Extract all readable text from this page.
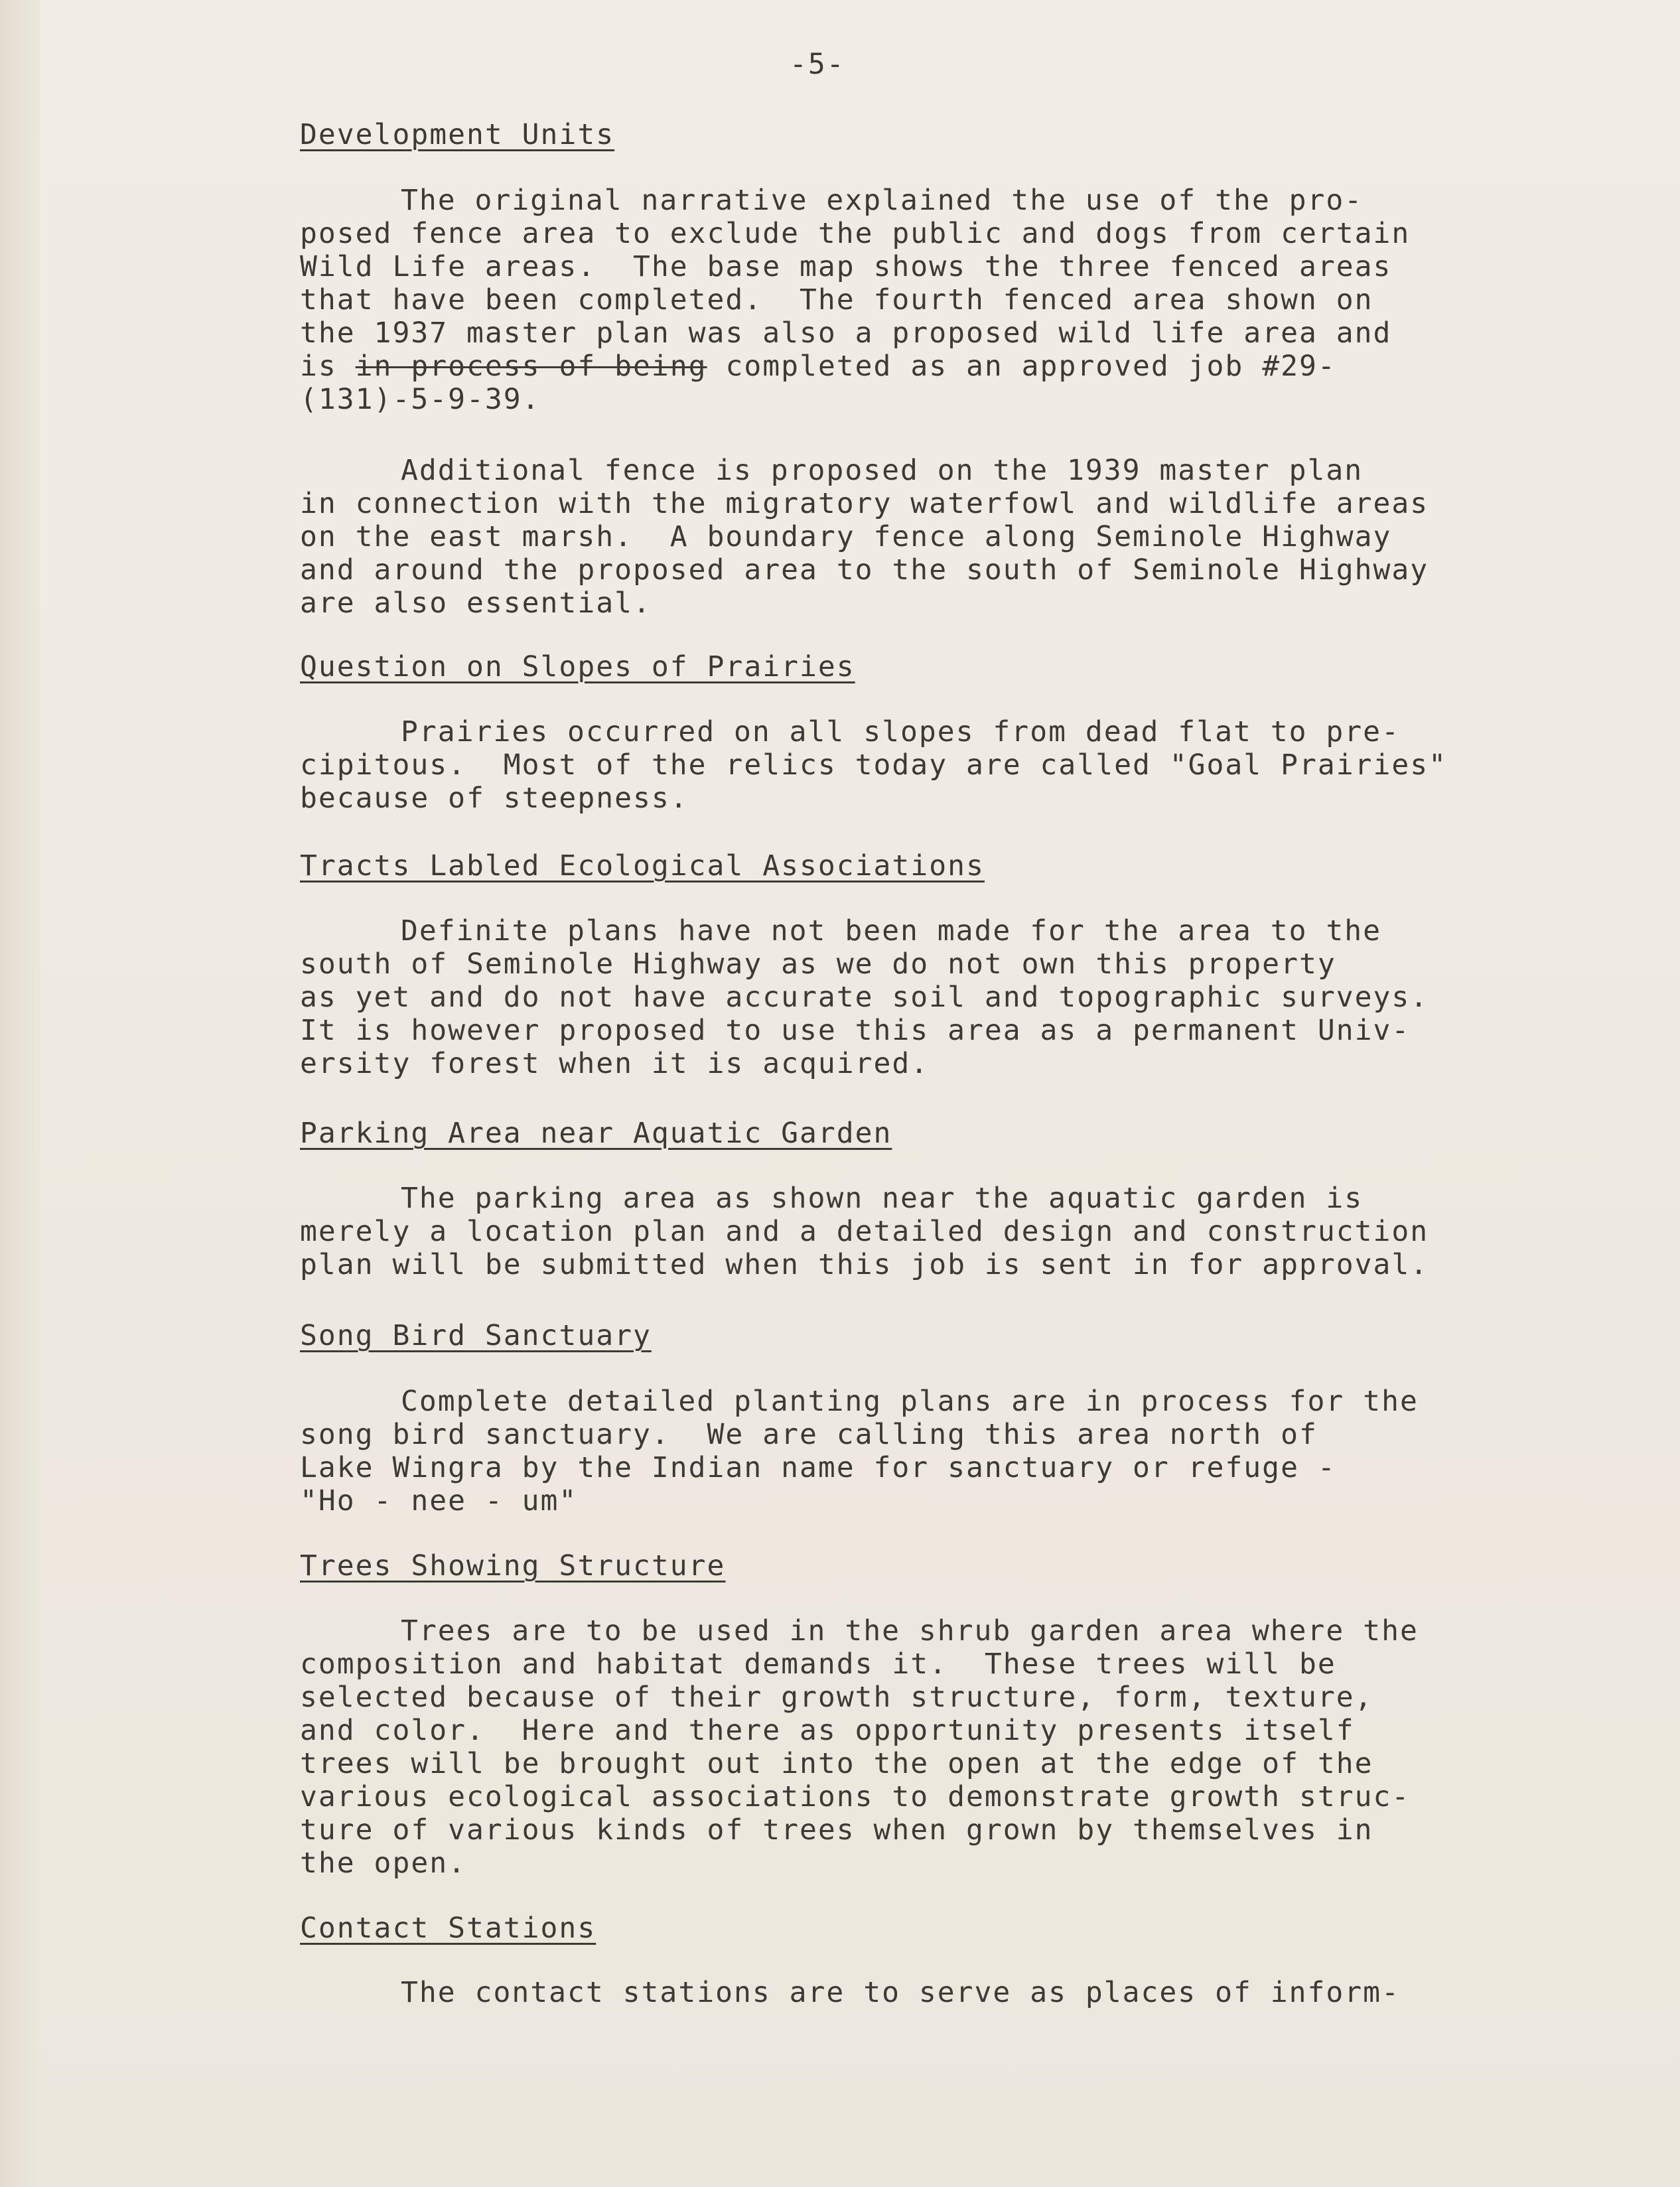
-5-
Development Units
The original narrative explained the use of the pro-
posed fence area to exclude the public and dogs from certain
Wild Life areas.  The base map shows the three fenced areas
that have been completed.  The fourth fenced area shown on
the 1937 master plan was also a proposed wild life area and
is in process of being completed as an approved job #29-
(131)-5-9-39.
Additional fence is proposed on the 1939 master plan
in connection with the migratory waterfowl and wildlife areas
on the east marsh.  A boundary fence along Seminole Highway
and around the proposed area to the south of Seminole Highway
are also essential.
Question on Slopes of Prairies
Prairies occurred on all slopes from dead flat to pre-
cipitous.  Most of the relics today are called "Goal Prairies"
because of steepness.
Tracts Labled Ecological Associations
Definite plans have not been made for the area to the
south of Seminole Highway as we do not own this property
as yet and do not have accurate soil and topographic surveys.
It is however proposed to use this area as a permanent Univ-
ersity forest when it is acquired.
Parking Area near Aquatic Garden
The parking area as shown near the aquatic garden is
merely a location plan and a detailed design and construction
plan will be submitted when this job is sent in for approval.
Song Bird Sanctuary
Complete detailed planting plans are in process for the
song bird sanctuary.  We are calling this area north of
Lake Wingra by the Indian name for sanctuary or refuge -
"Ho - nee - um"
Trees Showing Structure
Trees are to be used in the shrub garden area where the
composition and habitat demands it.  These trees will be
selected because of their growth structure, form, texture,
and color.  Here and there as opportunity presents itself
trees will be brought out into the open at the edge of the
various ecological associations to demonstrate growth struc-
ture of various kinds of trees when grown by themselves in
the open.
Contact Stations
The contact stations are to serve as places of inform-
